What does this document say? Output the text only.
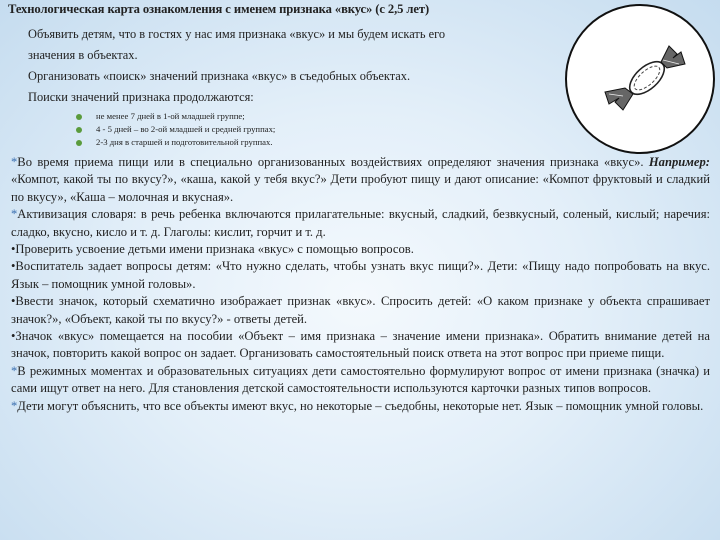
Технологическая карта ознакомления с именем признака «вкус» (с 2,5 лет)

Объявить детям, что в гостях у нас имя признака «вкус» и мы будем искать его

значения в объектах.

Организовать «поиск» значений признака «вкус» в съедобных объектах.

Поиски значений признака продолжаются:

не менее 7 дней в 1-ой младшей группе;
4 - 5 дней – во 2-ой младшей и средней группах;
2-3 дня в старшей и подготовительной группах.

*Во время приема пищи или в специально организованных воздействиях определяют значения признака «вкус». Например: «Компот, какой ты по вкусу?», «каша, какой у тебя вкус?» Дети пробуют пищу и дают описание: «Компот фруктовый и сладкий по вкусу», «Каша – молочная и вкусная».

*Активизация словаря: в речь ребенка включаются прилагательные: вкусный, сладкий, безвкусный, соленый, кислый; наречия: сладко, вкусно, кисло и т. д. Глаголы: кислит, горчит и т. д.

•Проверить усвоение детьми имени признака «вкус» с помощью вопросов.

•Воспитатель задает вопросы детям: «Что нужно сделать, чтобы узнать вкус пищи?». Дети: «Пищу надо попробовать на вкус. Язык – помощник умной головы».

•Ввести значок, который схематично изображает признак «вкус». Спросить детей: «О каком признаке у объекта спрашивает значок?», «Объект, какой ты по вкусу?» - ответы детей.

•Значок «вкус» помещается на пособии «Объект – имя признака – значение имени признака». Обратить внимание детей на значок, повторить какой вопрос он задает. Организовать самостоятельный поиск ответа на этот вопрос при приеме пищи.

*В режимных моментах и образовательных ситуациях дети самостоятельно формулируют вопрос от имени признака (значка) и сами ищут ответ на него. Для становления детской самостоятельности используются карточки разных типов вопросов.

*Дети могут объяснить, что все объекты имеют вкус, но некоторые – съедобны, некоторые нет. Язык – помощник умной головы.
